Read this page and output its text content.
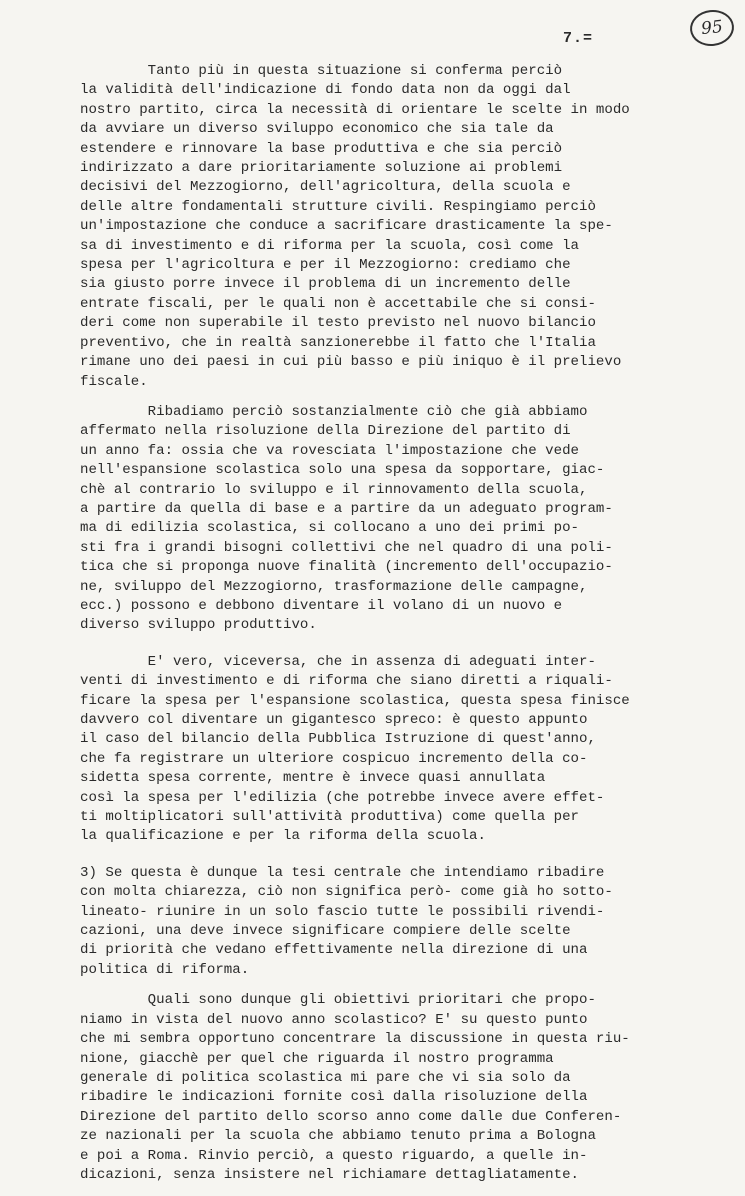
7.=	95
Tanto più in questa situazione si conferma perciò
la validità dell'indicazione di fondo data non da oggi dal
nostro partito, circa la necessità di orientare le scelte in modo
da avviare un diverso sviluppo economico che sia tale da
estendere e rinnovare la base produttiva e che sia perciò
indirizzato a dare prioritariamente soluzione ai problemi
decisivi del Mezzogiorno, dell'agricoltura, della scuola e
delle altre fondamentali strutture civili. Respingiamo perciò
un'impostazione che conduce a sacrificare drasticamente la spe-
sa di investimento e di riforma per la scuola, così come la
spesa per l'agricoltura e per il Mezzogiorno: crediamo che
sia giusto porre invece il problema di un incremento delle
entrate fiscali, per le quali non è accettabile che si consi-
deri come non superabile il testo previsto nel nuovo bilancio
preventivo, che in realtà sanzionerebbe il fatto che l'Italia
rimane uno dei paesi in cui più basso e più iniquo è il prelievo
fiscale.
Ribadiamo perciò sostanzialmente ciò che già abbiamo
affermato nella risoluzione della Direzione del partito di
un anno fa: ossia che va rovesciata l'impostazione che vede
nell'espansione scolastica solo una spesa da sopportare, giac-
chè al contrario lo sviluppo e il rinnovamento della scuola,
a partire da quella di base e a partire da un adeguato program-
ma di edilizia scolastica, si collocano a uno dei primi po-
sti fra i grandi bisogni collettivi che nel quadro di una poli-
tica che si proponga nuove finalità (incremento dell'occupazio-
ne, sviluppo del Mezzogiorno, trasformazione delle campagne,
ecc.) possono e debbono diventare il volano di un nuovo e
diverso sviluppo produttivo.
E' vero, viceversa, che in assenza di adeguati inter-
venti di investimento e di riforma che siano diretti a riquali-
ficare la spesa per l'espansione scolastica, questa spesa finisce
davvero col diventare un gigantesco spreco: è questo appunto
il caso del bilancio della Pubblica Istruzione di quest'anno,
che fa registrare un ulteriore cospicuo incremento della co-
sidetta spesa corrente, mentre è invece quasi annullata
così la spesa per l'edilizia (che potrebbe invece avere effet-
ti moltiplicatori sull'attività produttiva) come quella per
la qualificazione e per la riforma della scuola.
3) Se questa è dunque la tesi centrale che intendiamo ribadire
con molta chiarezza, ciò non significa però- come già ho sotto-
lineato- riunire in un solo fascio tutte le possibili rivendi-
cazioni, una deve invece significare compiere delle scelte
di priorità che vedano effettivamente nella direzione di una
politica di riforma.
Quali sono dunque gli obiettivi prioritari che propo-
niamo in vista del nuovo anno scolastico? E' su questo punto
che mi sembra opportuno concentrare la discussione in questa riu-
nione, giacchè per quel che riguarda il nostro programma
generale di politica scolastica mi pare che vi sia solo da
ribadire le indicazioni fornite così dalla risoluzione della
Direzione del partito dello scorso anno come dalle due Conferen-
ze nazionali per la scuola che abbiamo tenuto prima a Bologna
e poi a Roma. Rinvio perciò, a questo riguardo, a quelle in-
dicazioni, senza insistere nel richiamare dettagliatamente.
